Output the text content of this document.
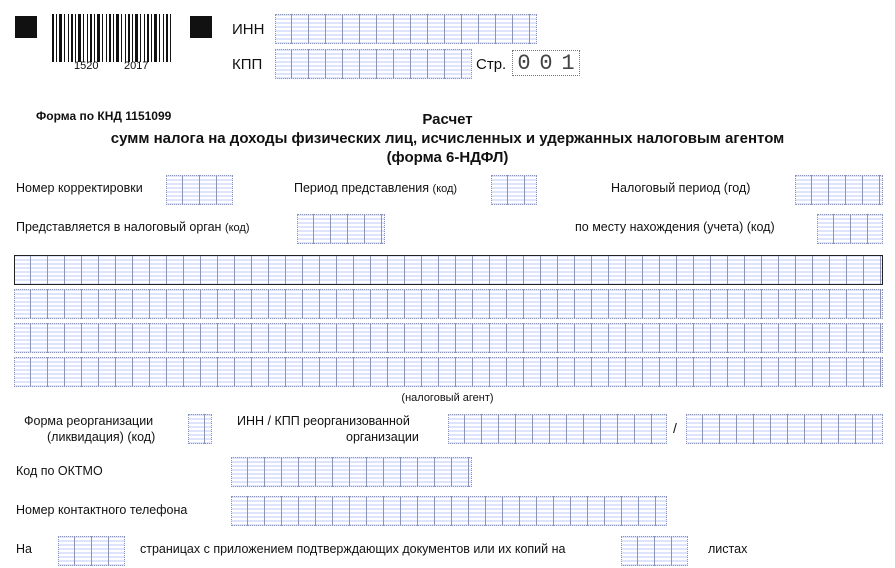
1520 2017
ИНН
КПП	Стр. 0 0 1
Форма по КНД 1151099	Расчет
сумм налога на доходы физических лиц, исчисленных и удержанных налоговым агентом
(форма 6-НДФЛ)
Номер корректировки	Период представления (код)	Налоговый период (год)
Представляется в налоговый орган (код)	по месту нахождения (учета) (код)
(налоговый агент)
Форма реорганизации
(ликвидация) (код)
ИНН / КПП реорганизованной
организации
/
Код по ОКТМО
Номер контактного телефона
На	страницах с приложением подтверждающих документов или их копий на	листах
